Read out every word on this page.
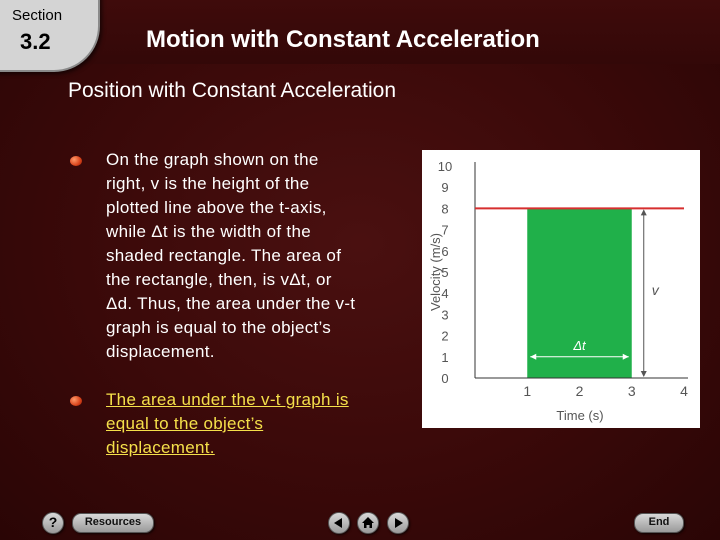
Section
3.2	Motion with Constant Acceleration
Position with Constant Acceleration
On the graph shown on the
right, v is the height of the
plotted line above the t-axis,
while Δt is the width of the
shaded rectangle. The area of
the rectangle, then, is vΔt, or
Δd. Thus, the area under the v-t
graph is equal to the object’s
displacement.
The area under the v-t graph is
equal to the object’s
displacement.
0
1
2
3
4
5
6
7
8
9
10
1	2	3	4
Time (s)
Velocity (m/s)	v
Δt
?	Resources	End
